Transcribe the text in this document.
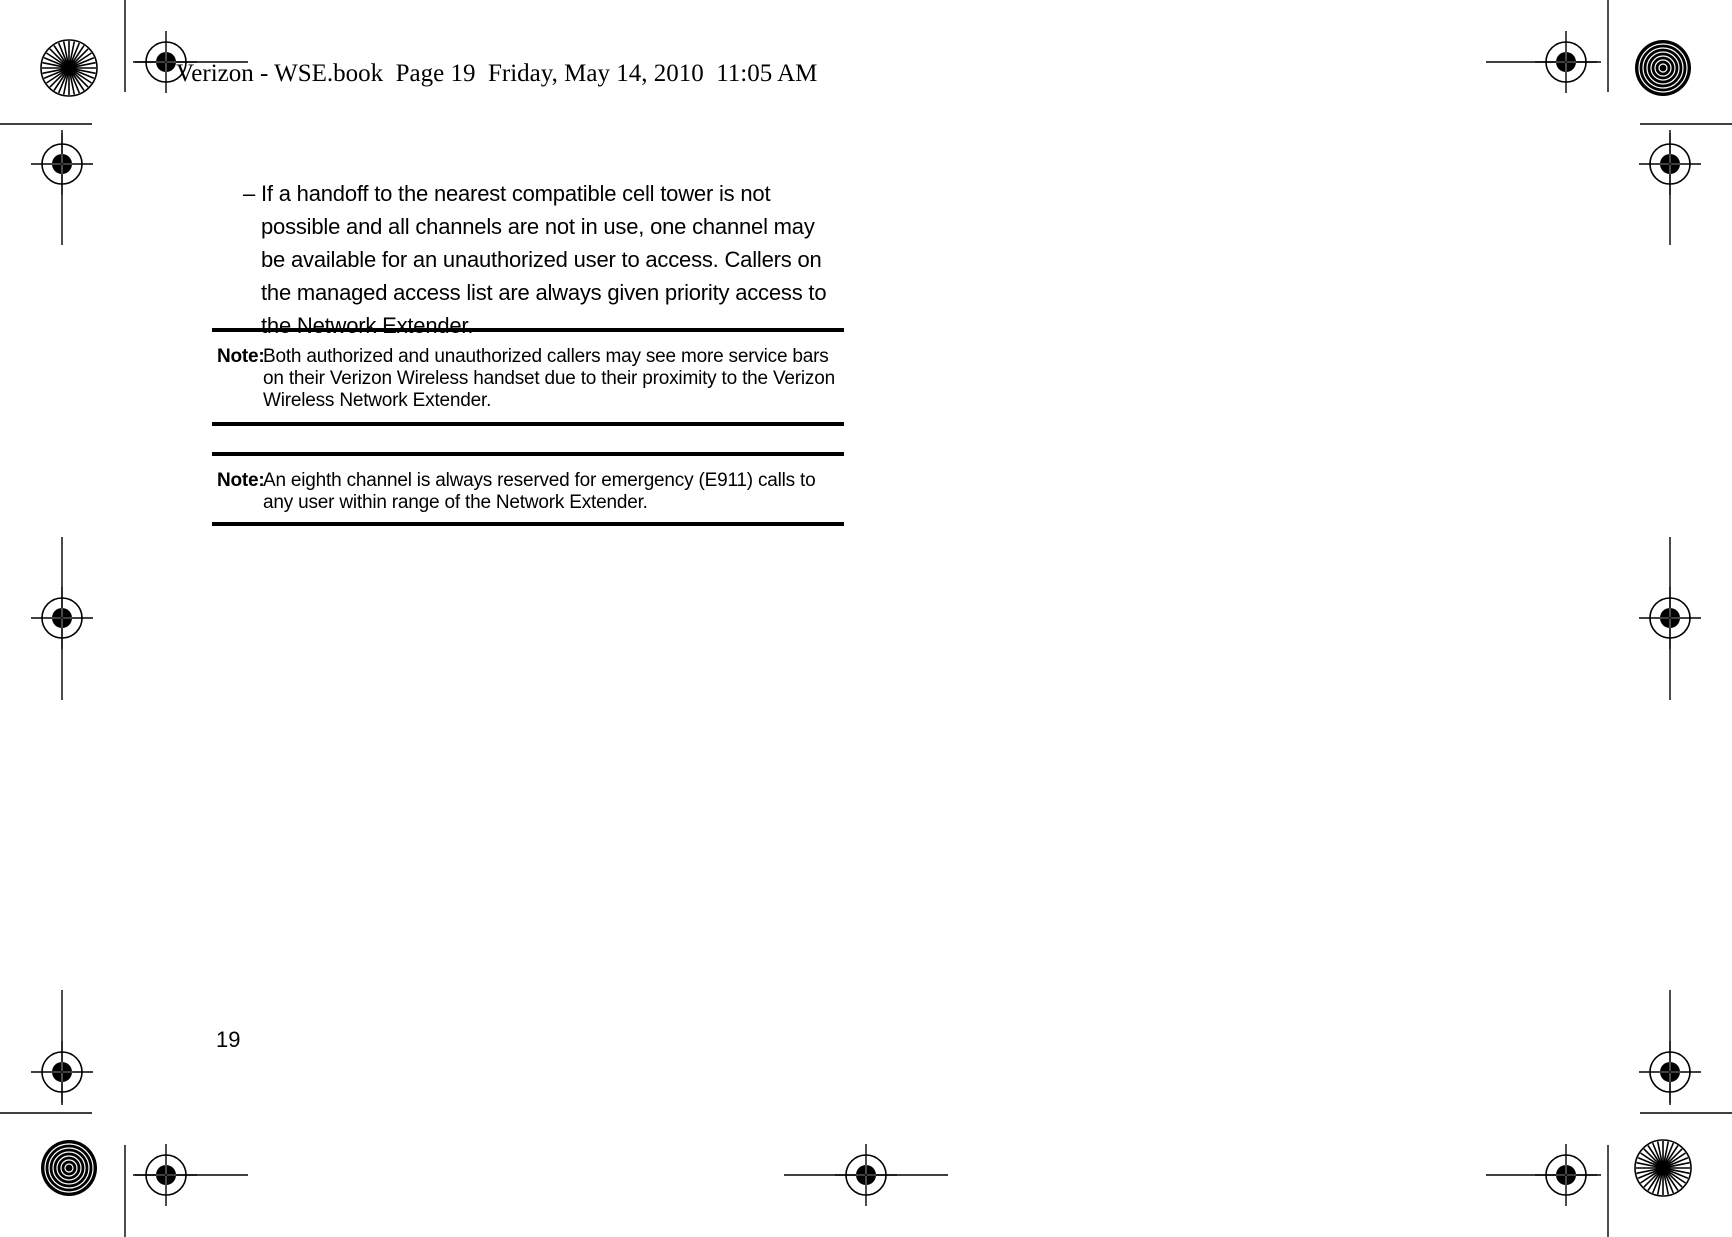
Verizon - WSE.book  Page 19  Friday, May 14, 2010  11:05 AM
– If a handoff to the nearest compatible cell tower is not possible and all channels are not in use, one channel may be available for an unauthorized user to access. Callers on the managed access list are always given priority access to the Network Extender.
Note:
Both authorized and unauthorized callers may see more service bars on their Verizon Wireless handset due to their proximity to the Verizon Wireless Network Extender.
Note:
An eighth channel is always reserved for emergency (E911) calls to any user within range of the Network Extender.
19
